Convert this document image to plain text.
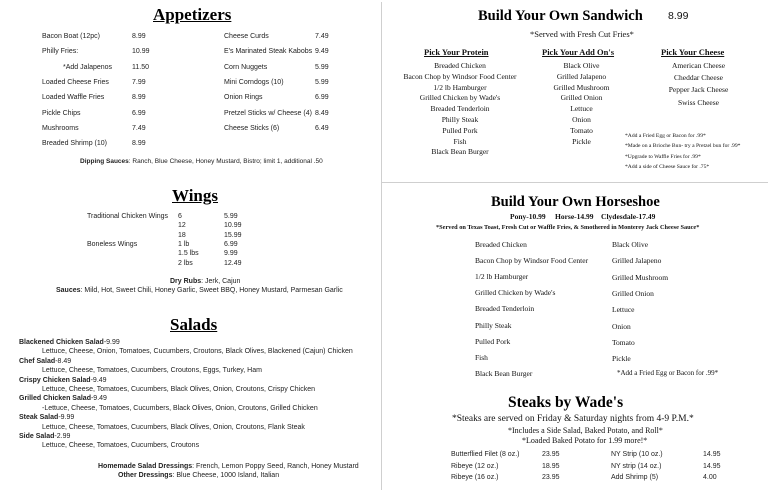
Appetizers
Bacon Boat (12pc)	8.99
Philly Fries:	10.99
*Add Jalapenos	11.50
Loaded Cheese Fries	7.99
Loaded Waffle Fries	8.99
Pickle Chips	6.99
Mushrooms	7.49
Breaded Shrimp (10)	8.99
Cheese Curds	7.49
E's Marinated Steak Kabobs 9.49
Corn Nuggets	5.99
Mini Corndogs (10)	5.99
Onion Rings	6.99
Pretzel Sticks w/ Cheese (4) 8.49
Cheese Sticks (6)	6.49
Dipping Sauces: Ranch, Blue Cheese, Honey Mustard, Bistro; limit 1, additional .50
Wings
Traditional Chicken Wings
Boneless Wings
6	5.99
12	10.99
18	15.99
1 lb	6.99
1.5 lbs	9.99
2 lbs	12.49
Dry Rubs: Jerk, Cajun
Sauces: Mild, Hot, Sweet Chili, Honey Garlic, Sweet BBQ, Honey Mustard, Parmesan Garlic
Salads
Blackened Chicken Salad-9.99
Lettuce, Cheese, Onion, Tomatoes, Cucumbers, Croutons, Black Olives, Blackened (Cajun) Chicken
Chef Salad-8.49
Lettuce, Cheese, Tomatoes, Cucumbers, Croutons, Eggs, Turkey, Ham
Crispy Chicken Salad-9.49
Lettuce, Cheese, Tomatoes, Cucumbers, Black Olives, Onion, Croutons, Crispy Chicken
Grilled Chicken Salad-9.49
-Lettuce, Cheese, Tomatoes, Cucumbers, Black Olives, Onion, Croutons, Grilled Chicken
Steak Salad-9.99
Lettuce, Cheese, Tomatoes, Cucumbers, Black Olives, Onion, Croutons, Flank Steak
Side Salad-2.99
Lettuce, Cheese, Tomatoes, Cucumbers, Croutons
Homemade Salad Dressings: French, Lemon Poppy Seed, Ranch, Honey Mustard
Other Dressings: Blue Cheese, 1000 Island, Italian
Build Your Own Sandwich 8.99
*Served with Fresh Cut Fries*
Pick Your Protein	Pick Your Add On's	Pick Your Cheese
Breaded Chicken
Bacon Chop by Windsor Food Center
1/2 lb Hamburger
Grilled Chicken by Wade's
Breaded Tenderloin
Philly Steak
Pulled Pork
Fish
Black Bean Burger
Black Olive
Grilled Jalapeno
Grilled Mushroom
Grilled Onion
Lettuce
Onion
Tomato
Pickle
American Cheese
Cheddar Cheese
Pepper Jack Cheese
Swiss Cheese
*Add a Fried Egg or Bacon for .99*
*Made on a Brioche Bun- try a Pretzel bun for .99*
*Upgrade to Waffle Fries for .99*
*Add a side of Cheese Sauce for .75*
Build Your Own Horseshoe
Pony-10.99     Horse-14.99    Clydesdale-17.49
*Served on Texas Toast, Fresh Cut or Waffle Fries, & Smothered in Monterey Jack Cheese Sauce*
Breaded Chicken
Bacon Chop by Windsor Food Center
1/2 lb Hamburger
Grilled Chicken by Wade's
Breaded Tenderloin
Philly Steak
Pulled Pork
Fish
Black Bean Burger
Black Olive
Grilled Jalapeno
Grilled Mushroom
Grilled Onion
Lettuce
Onion
Tomato
Pickle
*Add a Fried Egg or Bacon for .99*
Steaks by Wade's
*Steaks are served on Friday & Saturday nights from 4-9 P.M.*
*Includes a Side Salad, Baked Potato, and Roll*
*Loaded Baked Potato for 1.99 more!*
Butterflied Filet (8 oz.)	23.95
Ribeye (12 oz.)	18.95
Ribeye (16 oz.)	23.95
NY Strip (10 oz.)	14.95
NY strip (14 oz.)	14.95
Add Shrimp (5)	4.00
